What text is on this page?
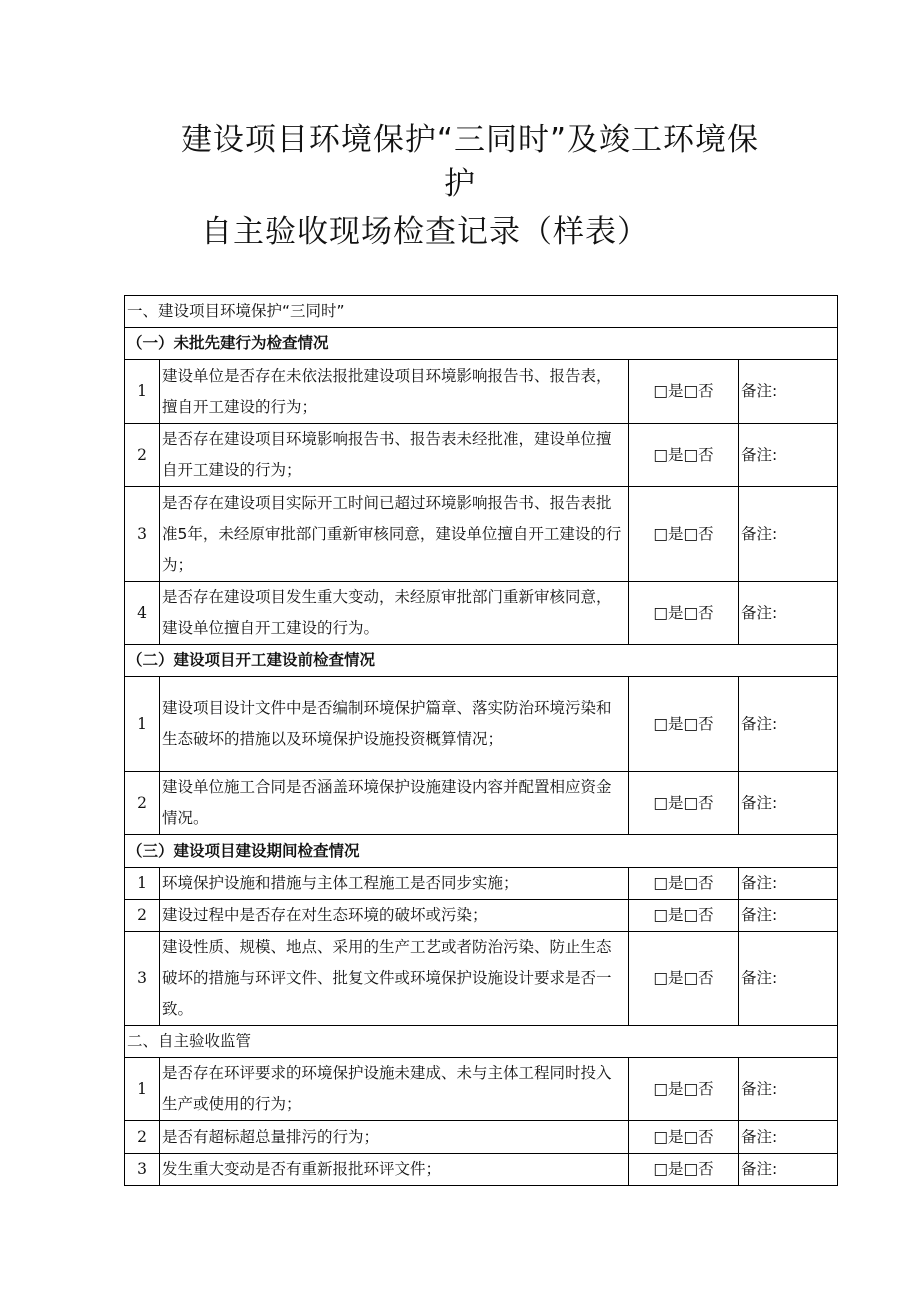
建设项目环境保护“三同时”及竣工环境保
护
自主验收现场检查记录（样表）
一、建设项目环境保护“三同时”			
（一）未批先建行为检查情况			
1	建设单位是否存在未依法报批建设项目环境影响报告书、报告表，擅自开工建设的行为；	□是□否	备注:
2	是否存在建设项目环境影响报告书、报告表未经批准，建设单位擅自开工建设的行为；	□是□否	备注:
3	是否存在建设项目实际开工时间已超过环境影响报告书、报告表批准5年，未经原审批部门重新审核同意，建设单位擅自开工建设的行为；	□是□否	备注:
4	是否存在建设项目发生重大变动，未经原审批部门重新审核同意，建设单位擅自开工建设的行为。	□是□否	备注:
（二）建设项目开工建设前检查情况			
1	建设项目设计文件中是否编制环境保护篇章、落实防治环境污染和生态破坏的措施以及环境保护设施投资概算情况；	□是□否	备注:
2	建设单位施工合同是否涵盖环境保护设施建设内容并配置相应资金情况。	□是□否	备注:
（三）建设项目建设期间检查情况			
1	环境保护设施和措施与主体工程施工是否同步实施；	□是□否	备注:
2	建设过程中是否存在对生态环境的破坏或污染；	□是□否	备注:
3	建设性质、规模、地点、采用的生产工艺或者防治污染、防止生态破坏的措施与环评文件、批复文件或环境保护设施设计要求是否一致。	□是□否	备注:
二、自主验收监管			
1	是否存在环评要求的环境保护设施未建成、未与主体工程同时投入生产或使用的行为；	□是□否	备注:
2	是否有超标超总量排污的行为；	□是□否	备注:
3	发生重大变动是否有重新报批环评文件；	□是□否	备注:
